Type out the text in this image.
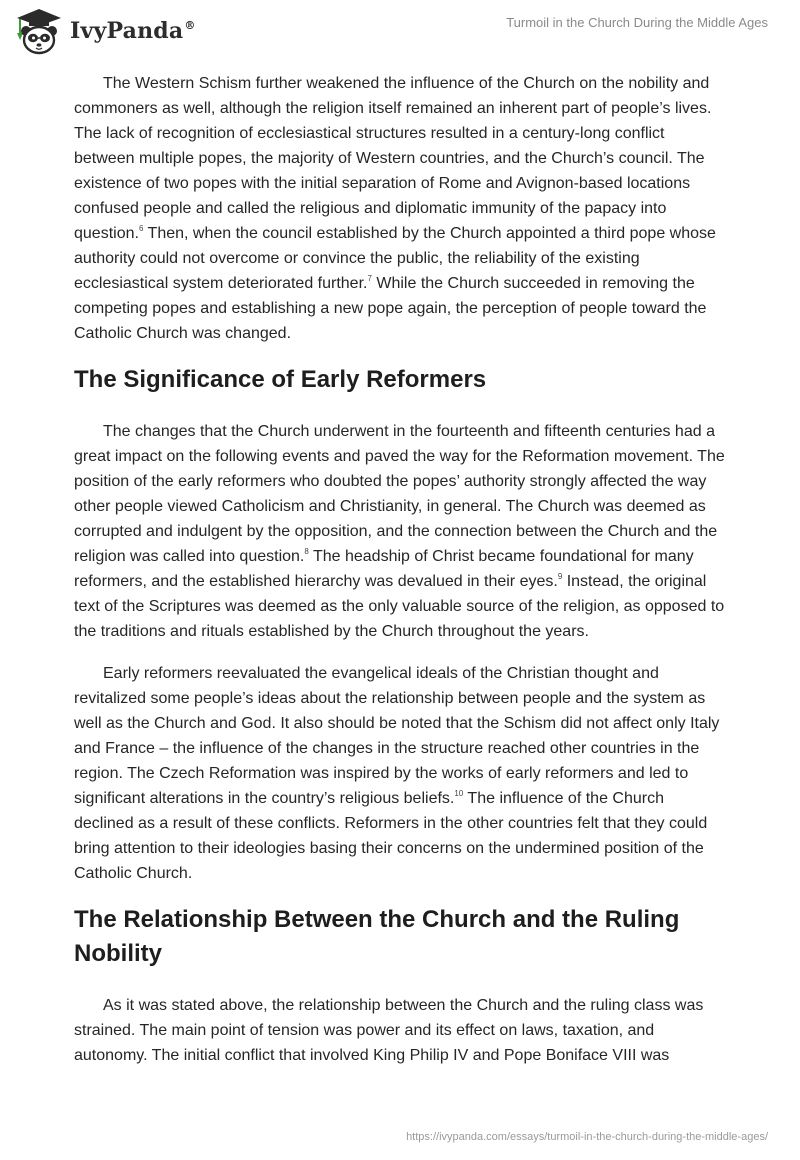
IvyPanda®	Turmoil in the Church During the Middle Ages

The Western Schism further weakened the influence of the Church on the nobility and commoners as well, although the religion itself remained an inherent part of people’s lives. The lack of recognition of ecclesiastical structures resulted in a century-long conflict between multiple popes, the majority of Western countries, and the Church’s council. The existence of two popes with the initial separation of Rome and Avignon-based locations confused people and called the religious and diplomatic immunity of the papacy into question.$^6$ Then, when the council established by the Church appointed a third pope whose authority could not overcome or convince the public, the reliability of the existing ecclesiastical system deteriorated further.$^7$ While the Church succeeded in removing the competing popes and establishing a new pope again, the perception of people toward the Catholic Church was changed.

The Significance of Early Reformers

The changes that the Church underwent in the fourteenth and fifteenth centuries had a great impact on the following events and paved the way for the Reformation movement. The position of the early reformers who doubted the popes’ authority strongly affected the way other people viewed Catholicism and Christianity, in general. The Church was deemed as corrupted and indulgent by the opposition, and the connection between the Church and the religion was called into question.$^8$ The headship of Christ became foundational for many reformers, and the established hierarchy was devalued in their eyes.$^9$ Instead, the original text of the Scriptures was deemed as the only valuable source of the religion, as opposed to the traditions and rituals established by the Church throughout the years.

Early reformers reevaluated the evangelical ideals of the Christian thought and revitalized some people’s ideas about the relationship between people and the system as well as the Church and God. It also should be noted that the Schism did not affect only Italy and France – the influence of the changes in the structure reached other countries in the region. The Czech Reformation was inspired by the works of early reformers and led to significant alterations in the country’s religious beliefs.$^{10}$ The influence of the Church declined as a result of these conflicts. Reformers in the other countries felt that they could bring attention to their ideologies basing their concerns on the undermined position of the Catholic Church.

The Relationship Between the Church and the Ruling Nobility

As it was stated above, the relationship between the Church and the ruling class was strained. The main point of tension was power and its effect on laws, taxation, and autonomy. The initial conflict that involved King Philip IV and Pope Boniface VIII was

https://ivypanda.com/essays/turmoil-in-the-church-during-the-middle-ages/
